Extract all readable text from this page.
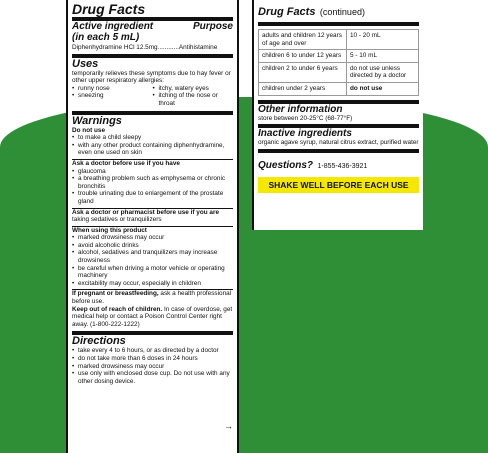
Drug Facts
Active ingredient	Purpose
(in each 5 mL)
Diphenhydramine HCl 12.5mg............Antihistamine
Uses
temporarily relieves these symptoms due to hay fever or other upper respiratory allergies:
• runny nose
• sneezing
• itchy, watery eyes
• itching of the nose or throat
Warnings
Do not use
• to make a child sleepy
• with any other product containing diphenhydramine, even one used on skin
Ask a doctor before use if you have
• glaucoma
• a breathing problem such as emphysema or chronic bronchitis
• trouble urinating due to enlargement of the prostate gland
Ask a doctor or pharmacist before use if you are
taking sedatives or tranquilizers
When using this product
• marked drowsiness may occur
• avoid alcoholic drinks
• alcohol, sedatives and tranquilizers may increase drowsiness
• be careful when driving a motor vehicle or operating machinery
• excitability may occur, especially in children
If pregnant or breastfeeding, ask a health professional before use.
Keep out of reach of children. In case of overdose, get medical help or contact a Poison Control Center right away. (1-800-222-1222)
Directions
• take every 4 to 6 hours, or as directed by a doctor
• do not take more than 6 doses in 24 hours
• marked drowsiness may occur
• use only with enclosed dose cup. Do not use with any other dosing device.
→
Drug Facts (continued)
adults and children 12 years of age and over	10 - 20 mL
children 6 to under 12 years	5 - 10 mL
children 2 to under 6 years	do not use unless directed by a doctor
children under 2 years	do not use
Other information
store between 20-25°C (68-77°F)
Inactive ingredients
organic agave syrup, natural citrus extract, purified water
Questions? 1-855-436-3921
SHAKE WELL BEFORE EACH USE
